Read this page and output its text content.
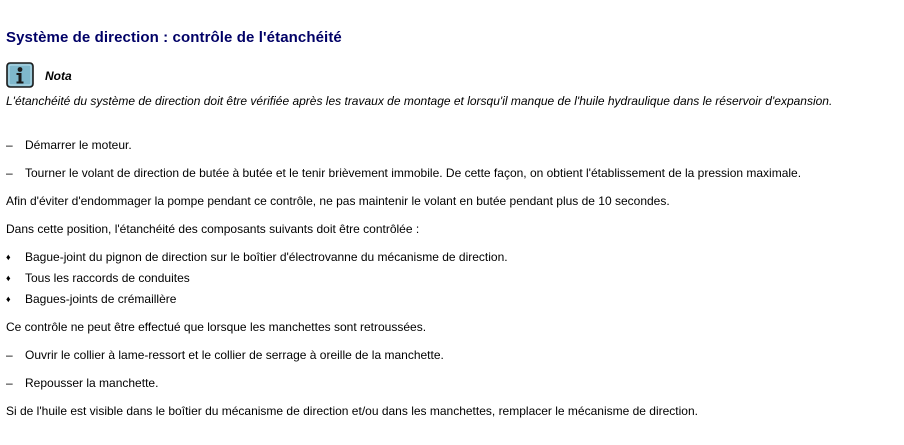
Système de direction : contrôle de l'étanchéité
Nota
L'étanchéité du système de direction doit être vérifiée après les travaux de montage et lorsqu'il manque de l'huile hydraulique dans le réservoir d'expansion.
– Démarrer le moteur.
– Tourner le volant de direction de butée à butée et le tenir brièvement immobile. De cette façon, on obtient l'établissement de la pression maximale.
Afin d'éviter d'endommager la pompe pendant ce contrôle, ne pas maintenir le volant en butée pendant plus de 10 secondes.
Dans cette position, l'étanchéité des composants suivants doit être contrôlée :
♦ Bague-joint du pignon de direction sur le boîtier d'électrovanne du mécanisme de direction.
♦ Tous les raccords de conduites
♦ Bagues-joints de crémaillère
Ce contrôle ne peut être effectué que lorsque les manchettes sont retroussées.
– Ouvrir le collier à lame-ressort et le collier de serrage à oreille de la manchette.
– Repousser la manchette.
Si de l'huile est visible dans le boîtier du mécanisme de direction et/ou dans les manchettes, remplacer le mécanisme de direction.
